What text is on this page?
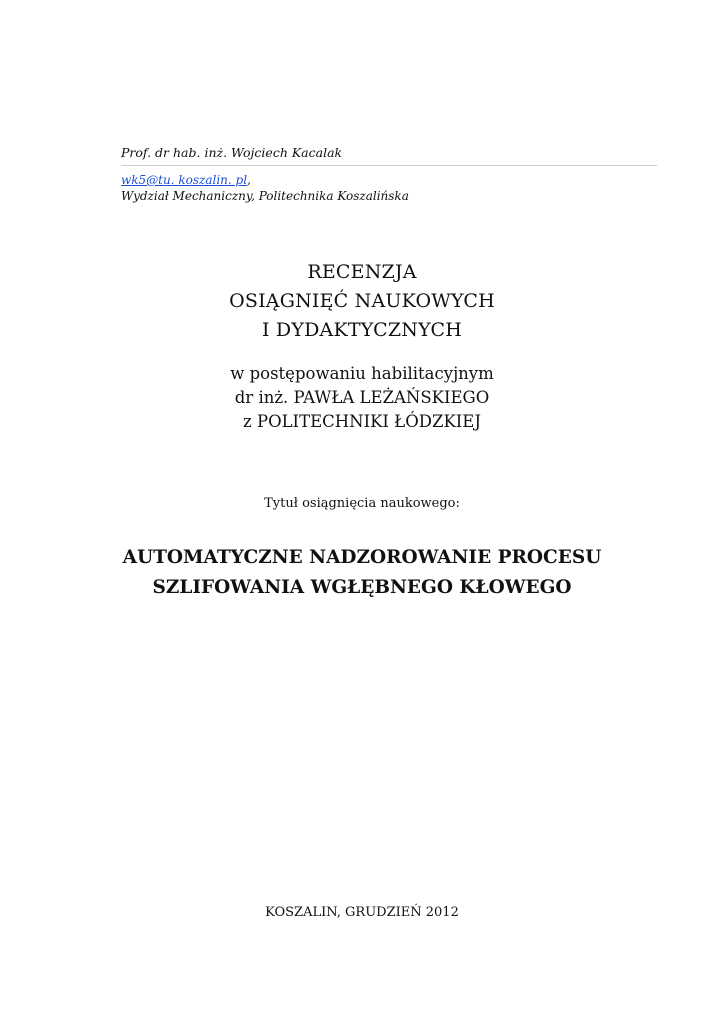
Prof. dr hab. inż. Wojciech Kacalak
wk5@tu. koszalin. pl,
Wydział Mechaniczny, Politechnika Koszalińska
RECENZJA
OSIĄGNIĘĆ NAUKOWYCH
I DYDAKTYCZNYCH
w postępowaniu habilitacyjnym
dr inż. PAWŁA LEŻAŃSKIEGO
z POLITECHNIKI ŁÓDZKIEJ
Tytuł osiągnięcia naukowego:
AUTOMATYCZNE NADZOROWANIE PROCESU
SZLIFOWANIA WGŁĘBNEGO KŁOWEGO
KOSZALIN, GRUDZIEŃ 2012
